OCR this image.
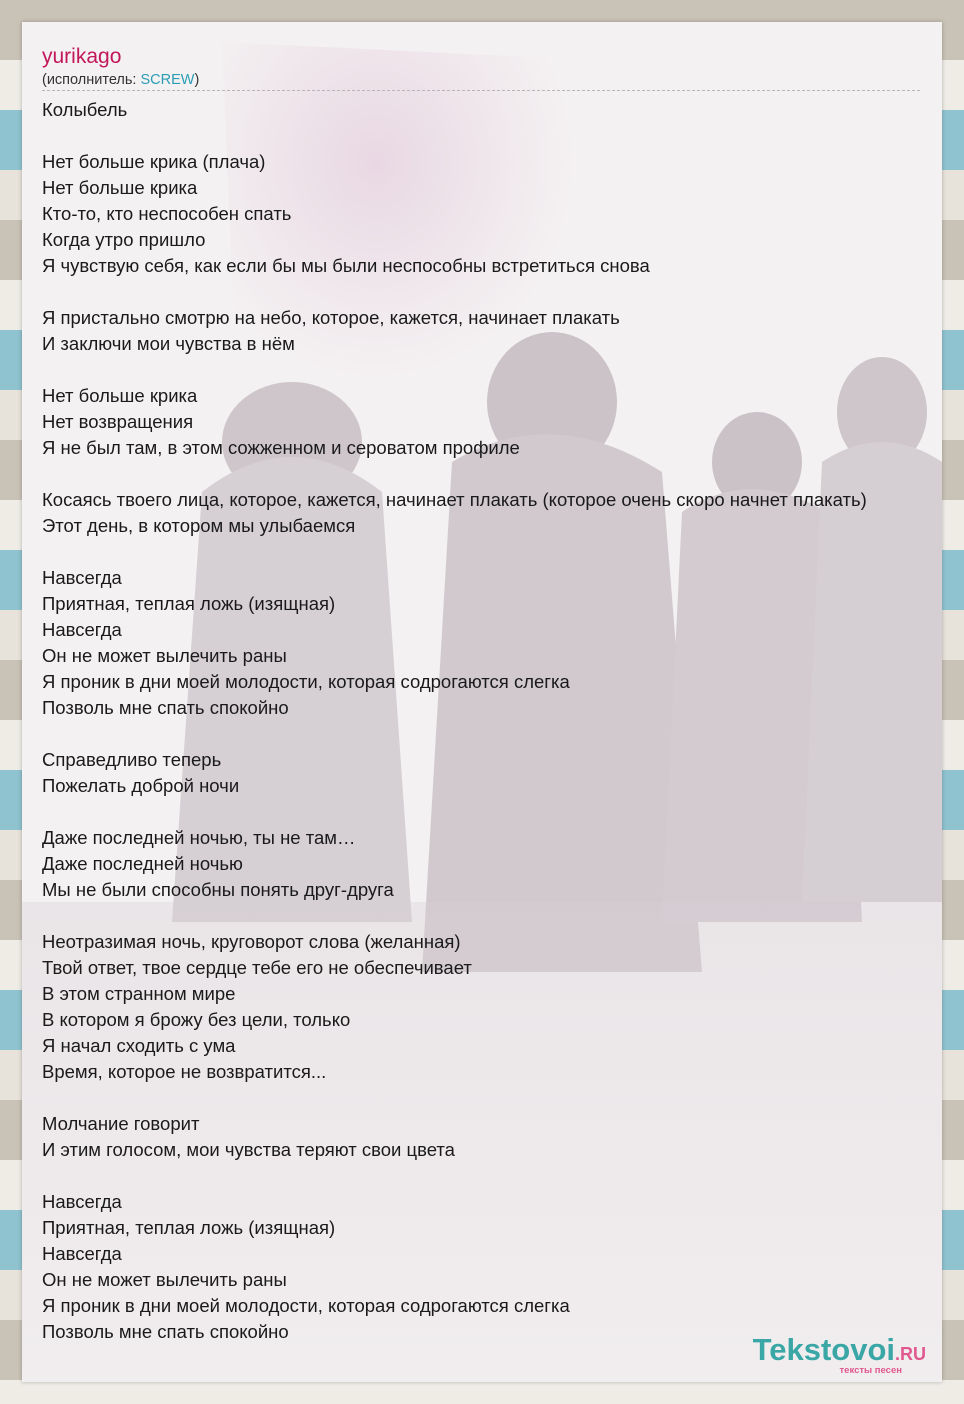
yurikago
(исполнитель: SCREW)
Колыбель
Нет больше крика (плача)
Нет больше крика
Кто-то, кто неспособен спать
Когда утро пришло
Я чувствую себя, как если бы мы были неспособны встретиться снова
Я пристально смотрю на небо, которое, кажется, начинает плакать
И заключи мои чувства в нём
Нет больше крика
Нет возвращения
Я не был там, в этом сожженном и сероватом профиле
Косаясь твоего лица, которое, кажется, начинает плакать (которое очень скоро начнет плакать)
Этот день, в котором мы улыбаемся
Навсегда
Приятная, теплая ложь (изящная)
Навсегда
Он не может вылечить раны
Я проник в дни моей молодости, которая содрогаются слегка
Позволь мне спать спокойно
Справедливо теперь
Пожелать доброй ночи
Даже последней ночью, ты не там…
Даже последней ночью
Мы не были способны понять друг-друга
Неотразимая ночь, круговорот слова (желанная)
Твой ответ, твое сердце тебе его не обеспечивает
В этом странном мире
В котором я брожу без цели, только
Я начал сходить с ума
Время, которое не возвратится...
Молчание говорит
И этим голосом, мои чувства теряют свои цвета
Навсегда
Приятная, теплая ложь (изящная)
Навсегда
Он не может вылечить раны
Я проник в дни моей молодости, которая содрогаются слегка
Позволь мне спать спокойно
Tekstovoi.RU
тексты песен
